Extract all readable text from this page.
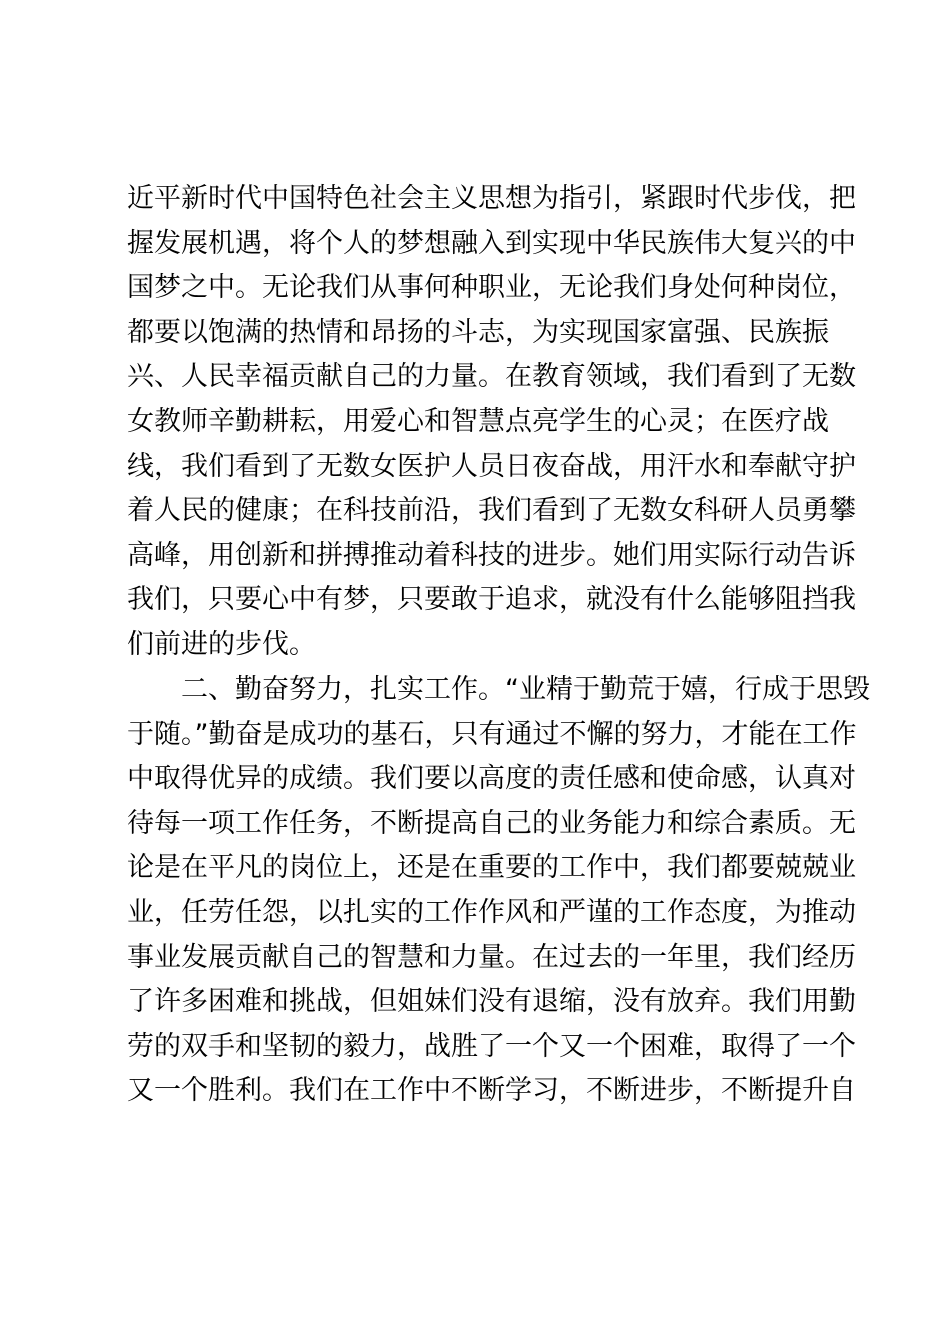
近平新时代中国特色社会主义思想为指引，紧跟时代步伐，把
握发展机遇，将个人的梦想融入到实现中华民族伟大复兴的中
国梦之中。无论我们从事何种职业，无论我们身处何种岗位，
都要以饱满的热情和昂扬的斗志，为实现国家富强、民族振
兴、人民幸福贡献自己的力量。在教育领域，我们看到了无数
女教师辛勤耕耘，用爱心和智慧点亮学生的心灵；在医疗战
线，我们看到了无数女医护人员日夜奋战，用汗水和奉献守护
着人民的健康；在科技前沿，我们看到了无数女科研人员勇攀
高峰，用创新和拼搏推动着科技的进步。她们用实际行动告诉
我们，只要心中有梦，只要敢于追求，就没有什么能够阻挡我
们前进的步伐。
　　二、勤奋努力，扎实工作。“业精于勤荒于嬉，行成于思毁
于随。”勤奋是成功的基石，只有通过不懈的努力，才能在工作
中取得优异的成绩。我们要以高度的责任感和使命感，认真对
待每一项工作任务，不断提高自己的业务能力和综合素质。无
论是在平凡的岗位上，还是在重要的工作中，我们都要兢兢业
业，任劳任怨，以扎实的工作作风和严谨的工作态度，为推动
事业发展贡献自己的智慧和力量。在过去的一年里，我们经历
了许多困难和挑战，但姐妹们没有退缩，没有放弃。我们用勤
劳的双手和坚韧的毅力，战胜了一个又一个困难，取得了一个
又一个胜利。我们在工作中不断学习，不断进步，不断提升自
